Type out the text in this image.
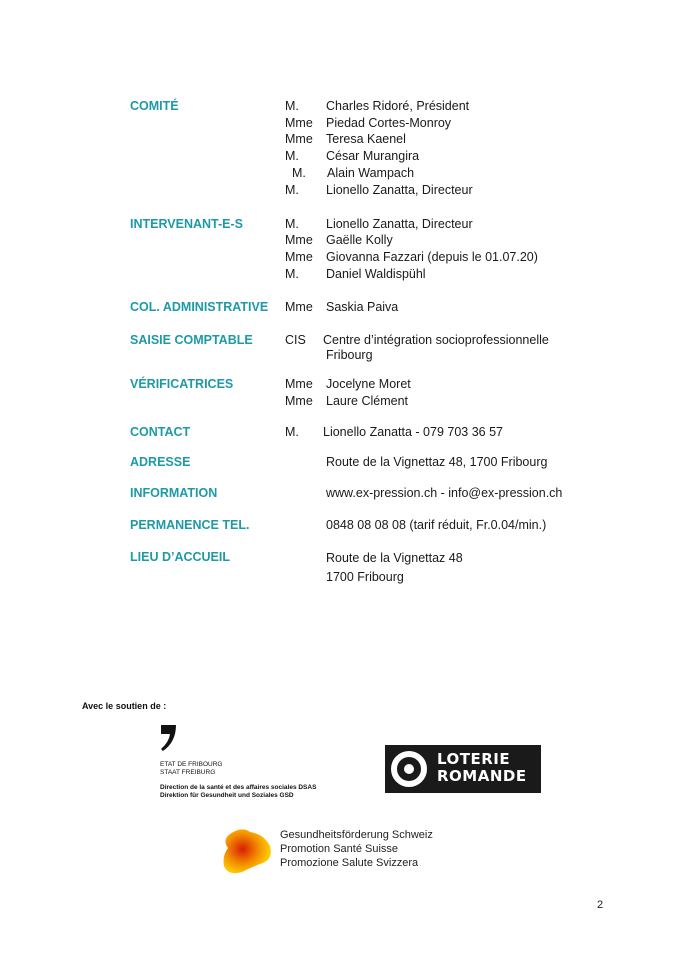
COMITÉ	M. Charles Ridoré, Président
Mme Piedad Cortes-Monroy
Mme Teresa Kaenel
M. César Murangira
M. Alain Wampach
M. Lionello Zanatta, Directeur
INTERVENANT-E-S	M. Lionello Zanatta, Directeur
Mme Gaëlle Kolly
Mme Giovanna Fazzari (depuis le 01.07.20)
M. Daniel Waldispühl
COL. ADMINISTRATIVE Mme Saskia Paiva
SAISIE COMPTABLE	CIS Centre d’intégration socioprofessionnelle
Fribourg
VÉRIFICATRICES	Mme Jocelyne Moret
Mme Laure Clément
CONTACT	M. Lionello Zanatta - 079 703 36 57
ADRESSE	Route de la Vignettaz 48, 1700 Fribourg
INFORMATION	www.ex-pression.ch - info@ex-pression.ch
PERMANENCE TEL.	0848 08 08 08 (tarif réduit, Fr.0.04/min.)
LIEU D’ACCUEIL	Route de la Vignettaz 48
1700 Fribourg
Avec le soutien de :
ETAT DE FRIBOURG
STAAT FREIBURG
Direction de la santé et des affaires sociales DSAS
Direktion für Gesundheit und Soziales GSD
LOTERIE
ROMANDE
Gesundheitsförderung Schweiz
Promotion Santé Suisse
Promozione Salute Svizzera
2
